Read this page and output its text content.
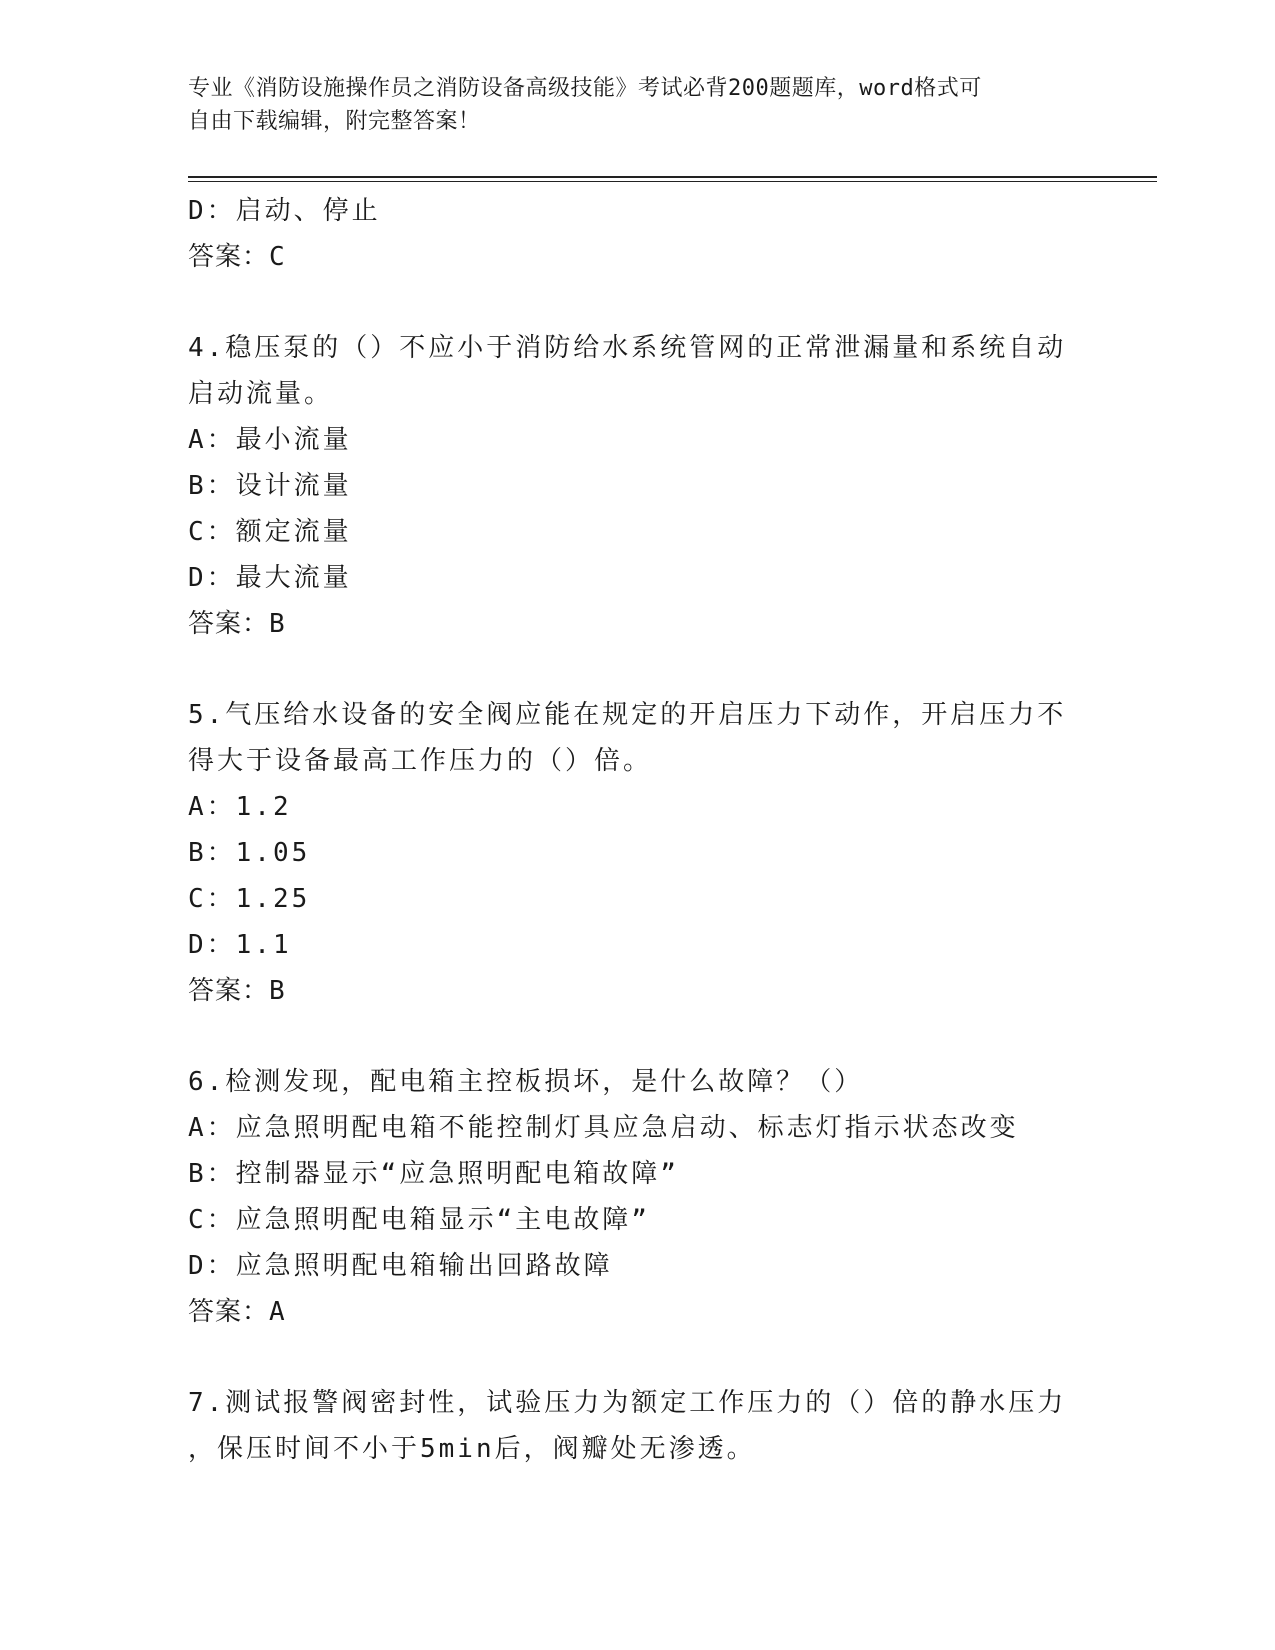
专业《消防设施操作员之消防设备高级技能》考试必背200题题库，word格式可
自由下载编辑，附完整答案！
D：启动、停止
答案：C
4.稳压泵的（）不应小于消防给水系统管网的正常泄漏量和系统自动
启动流量。
A：最小流量
B：设计流量
C：额定流量
D：最大流量
答案：B
5.气压给水设备的安全阀应能在规定的开启压力下动作，开启压力不
得大于设备最高工作压力的（）倍。
A：1.2
B：1.05
C：1.25
D：1.1
答案：B
6.检测发现，配电箱主控板损坏，是什么故障？（）
A：应急照明配电箱不能控制灯具应急启动、标志灯指示状态改变
B：控制器显示“应急照明配电箱故障”
C：应急照明配电箱显示“主电故障”
D：应急照明配电箱输出回路故障
答案：A
7.测试报警阀密封性，试验压力为额定工作压力的（）倍的静水压力
，保压时间不小于5min后，阀瓣处无渗透。
